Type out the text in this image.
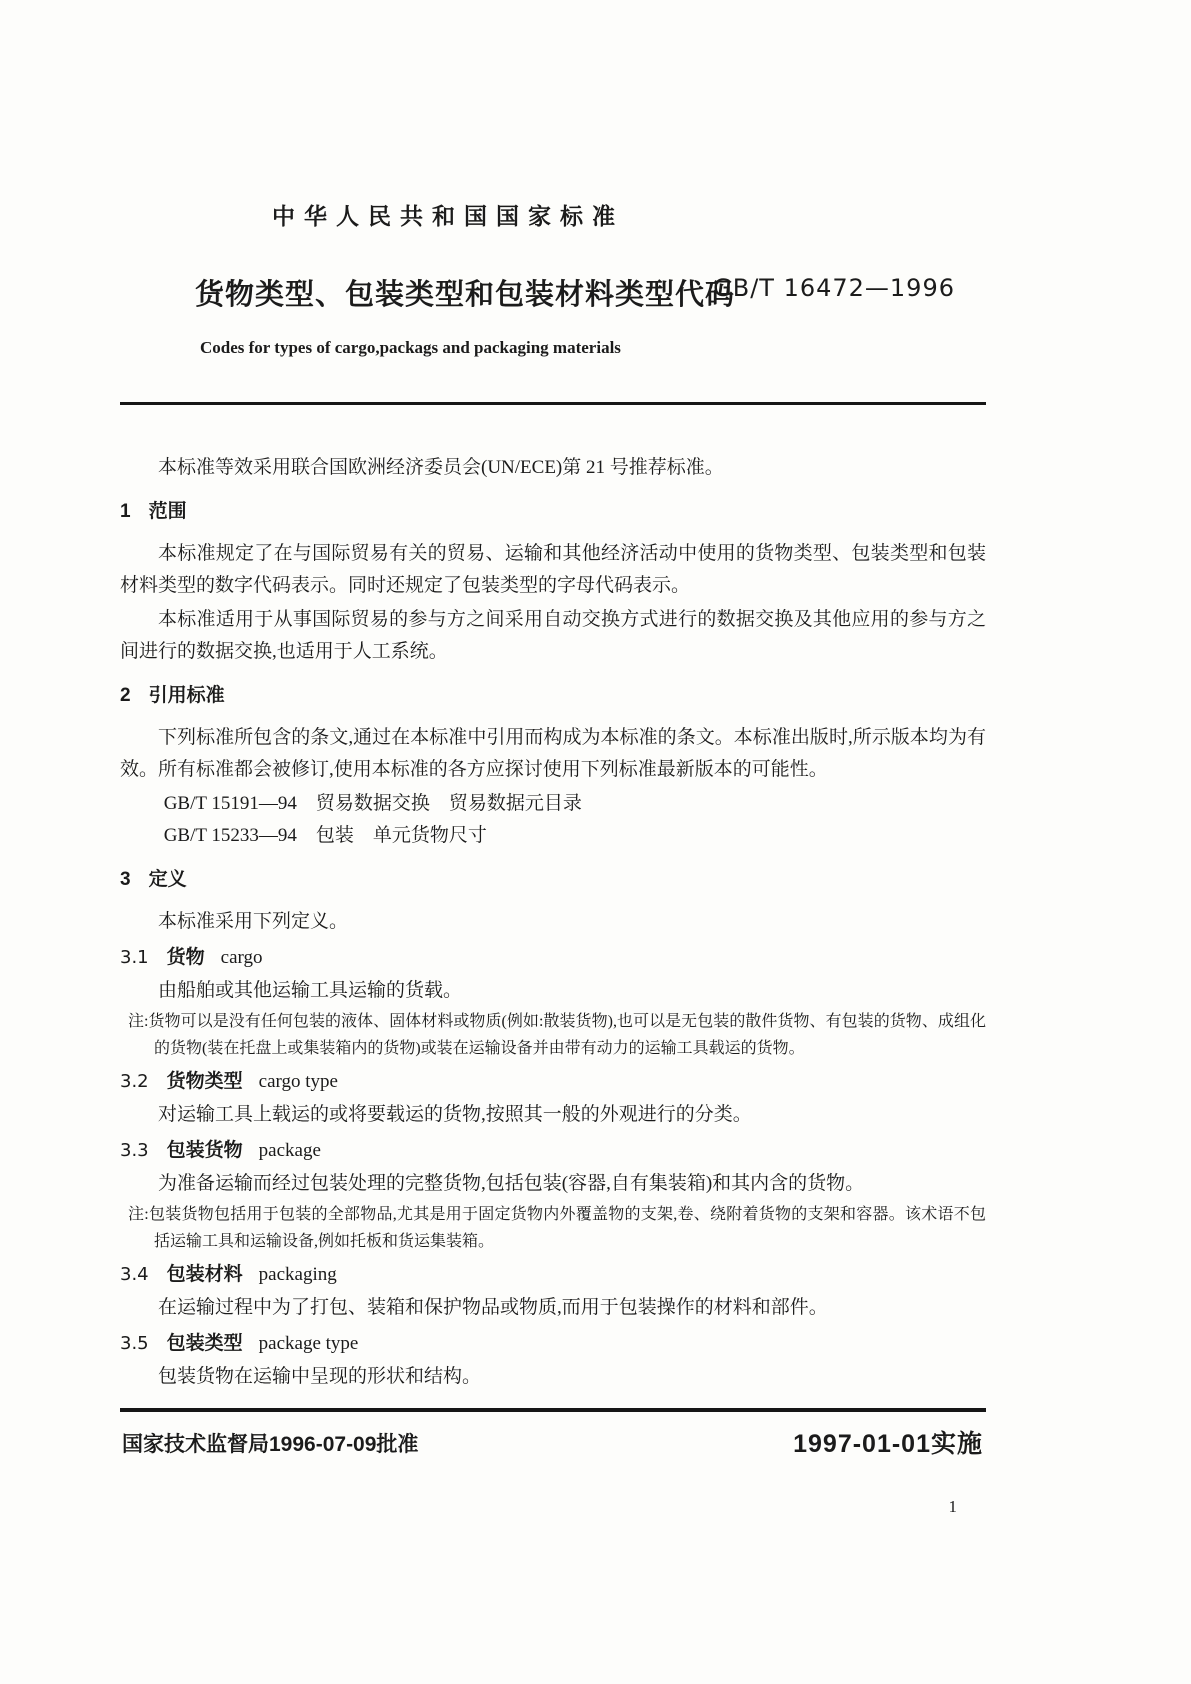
中华人民共和国国家标准
货物类型、包装类型和包装材料类型代码
GB/T 16472—1996
Codes for types of cargo,packags and packaging materials

本标准等效采用联合国欧洲经济委员会(UN/ECE)第 21 号推荐标准。

1 范围

本标准规定了在与国际贸易有关的贸易、运输和其他经济活动中使用的货物类型、包装类型和包装材料类型的数字代码表示。同时还规定了包装类型的字母代码表示。

本标准适用于从事国际贸易的参与方之间采用自动交换方式进行的数据交换及其他应用的参与方之间进行的数据交换,也适用于人工系统。

2 引用标准

下列标准所包含的条文,通过在本标准中引用而构成为本标准的条文。本标准出版时,所示版本均为有效。所有标准都会被修订,使用本标准的各方应探讨使用下列标准最新版本的可能性。

GB/T 15191—94　贸易数据交换　贸易数据元目录

GB/T 15233—94　包装　单元货物尺寸

3 定义

本标准采用下列定义。

3.1 货物 cargo

由船舶或其他运输工具运输的货载。

注:货物可以是没有任何包装的液体、固体材料或物质(例如:散装货物),也可以是无包装的散件货物、有包装的货物、成组化的货物(装在托盘上或集装箱内的货物)或装在运输设备并由带有动力的运输工具载运的货物。

3.2 货物类型 cargo type

对运输工具上载运的或将要载运的货物,按照其一般的外观进行的分类。

3.3 包装货物 package

为准备运输而经过包装处理的完整货物,包括包装(容器,自有集装箱)和其内含的货物。

注:包装货物包括用于包装的全部物品,尤其是用于固定货物内外覆盖物的支架,卷、绕附着货物的支架和容器。该术语不包括运输工具和运输设备,例如托板和货运集装箱。

3.4 包装材料 packaging

在运输过程中为了打包、装箱和保护物品或物质,而用于包装操作的材料和部件。

3.5 包装类型 package type

包装货物在运输中呈现的形状和结构。

国家技术监督局1996-07-09批准	1997-01-01实施
1
